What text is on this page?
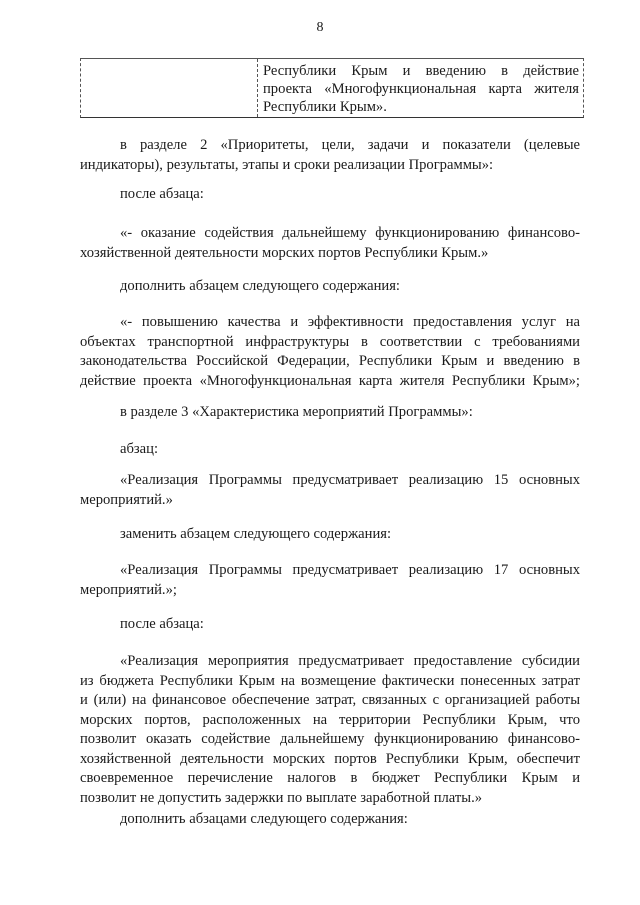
8
Республики Крым и введению в действие
проекта «Многофункциональная карта жителя
Республики Крым».
в разделе 2 «Приоритеты, цели, задачи и показатели (целевые
индикаторы), результаты, этапы и сроки реализации Программы»:
после абзаца:
«- оказание содействия дальнейшему функционированию финансово-
хозяйственной деятельности морских портов Республики Крым.»
дополнить абзацем следующего содержания:
«- повышению качества и эффективности предоставления услуг на
объектах транспортной инфраструктуры в соответствии с требованиями
законодательства Российской Федерации, Республики Крым и введению в
действие проекта «Многофункциональная карта жителя Республики Крым»;
в разделе 3 «Характеристика мероприятий Программы»:
абзац:
«Реализация Программы предусматривает реализацию 15 основных
мероприятий.»
заменить абзацем следующего содержания:
«Реализация Программы предусматривает реализацию 17 основных
мероприятий.»;
после абзаца:
«Реализация мероприятия предусматривает предоставление субсидии
из бюджета Республики Крым на возмещение фактически понесенных затрат
и (или) на финансовое обеспечение затрат, связанных с организацией работы
морских портов, расположенных на территории Республики Крым, что
позволит оказать содействие дальнейшему функционированию финансово-
хозяйственной деятельности морских портов Республики Крым, обеспечит
своевременное перечисление налогов в бюджет Республики Крым и
позволит не допустить задержки по выплате заработной платы.»
дополнить абзацами следующего содержания:
